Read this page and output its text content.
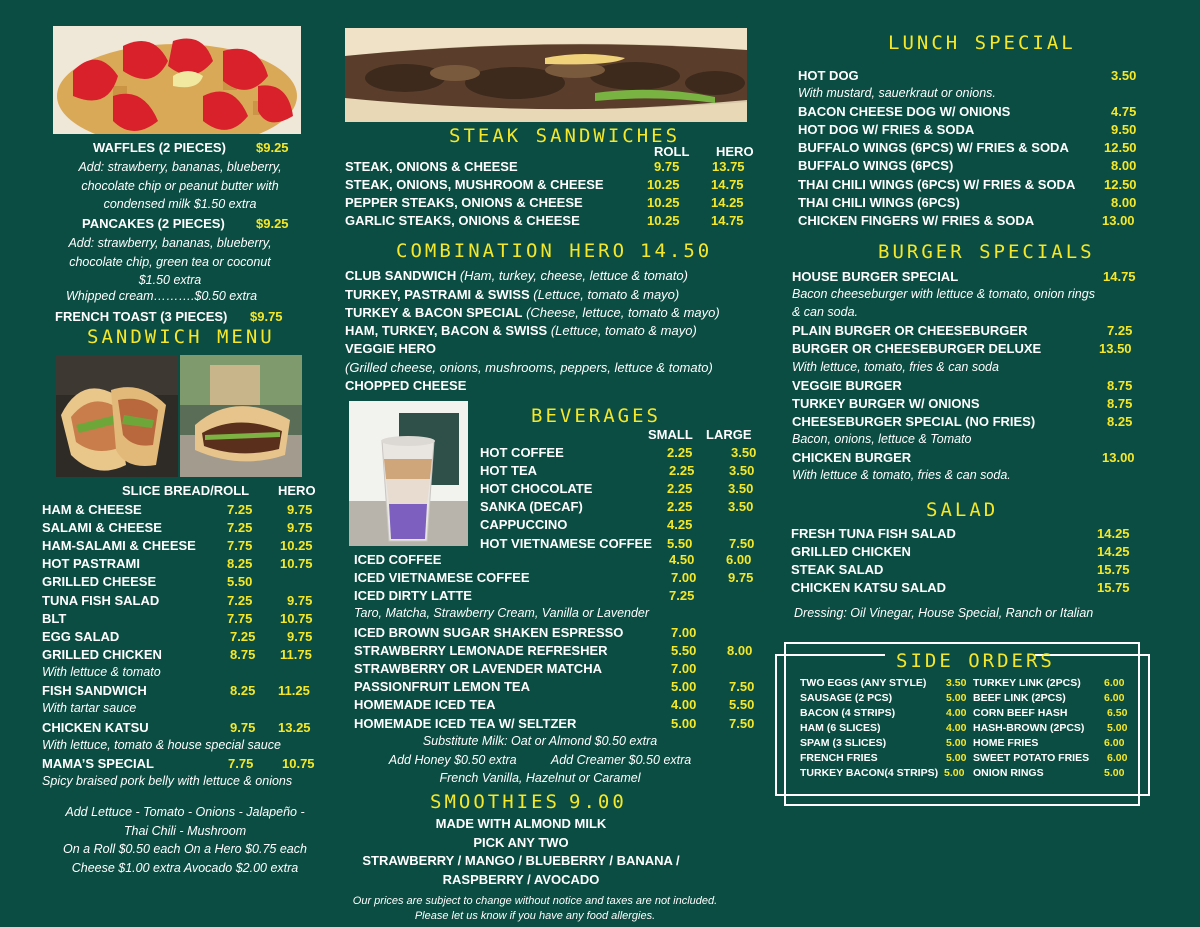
WAFFLES (2 PIECES) $9.25
Add: strawberry, bananas, blueberry,
chocolate chip or peanut butter with
condensed milk $1.50 extra
PANCAKES (2 PIECES) $9.25
Add: strawberry, bananas, blueberry,
chocolate chip, green tea or coconut
$1.50 extra
Whipped cream……….$0.50 extra
FRENCH TOAST (3 PIECES) $9.75
SANDWICH MENU
SLICE BREAD/ROLL HERO
HAM & CHEESE	7.25	9.75
SALAMI & CHEESE	7.25	9.75
HAM-SALAMI & CHEESE 7.75 10.25
HOT PASTRAMI	8.25 10.75
GRILLED CHEESE	5.50
TUNA FISH SALAD	7.25	9.75
BLT	7.75 10.75
EGG SALAD	7.25 9.75
GRILLED CHICKEN	8.75 11.75
With lettuce & tomato
FISH SANDWICH	8.25 11.25
With tartar sauce
CHICKEN KATSU	9.75 13.25
With lettuce, tomato & house special sauce
MAMA’S SPECIAL	7.75 10.75
Spicy braised pork belly with lettuce & onions
Add Lettuce - Tomato - Onions - Jalapeño -
Thai Chili - Mushroom
On a Roll $0.50 each On a Hero $0.75 each
Cheese $1.00 extra Avocado $2.00 extra
STEAK SANDWICHES
ROLL HERO
STEAK, ONIONS & CHEESE	9.75	13.75
STEAK, ONIONS, MUSHROOM & CHEESE	10.25 14.75
PEPPER STEAKS, ONIONS & CHEESE	10.25 14.25
GARLIC STEAKS, ONIONS & CHEESE	10.25 14.75
COMBINATION HERO 14.50
CLUB SANDWICH (Ham, turkey, cheese, lettuce & tomato)
TURKEY, PASTRAMI & SWISS (Lettuce, tomato & mayo)
TURKEY & BACON SPECIAL (Cheese, lettuce, tomato & mayo)
HAM, TURKEY, BACON & SWISS (Lettuce, tomato & mayo)
VEGGIE HERO
(Grilled cheese, onions, mushrooms, peppers, lettuce & tomato)
CHOPPED CHEESE
BEVERAGES
SMALL LARGE
HOT COFFEE	2.25	3.50
HOT TEA	2.25	3.50
HOT CHOCOLATE	2.25	3.50
SANKA (DECAF)	2.25	3.50
CAPPUCCINO	4.25
HOT VIETNAMESE COFFEE 5.50	7.50
ICED COFFEE	4.50 6.00
ICED VIETNAMESE COFFEE	7.00 9.75
ICED DIRTY LATTE	7.25
Taro, Matcha, Strawberry Cream, Vanilla or Lavender
ICED BROWN SUGAR SHAKEN ESPRESSO	7.00
STRAWBERRY LEMONADE REFRESHER	5.50 8.00
STRAWBERRY OR LAVENDER MATCHA	7.00
PASSIONFRUIT LEMON TEA	5.00	7.50
HOMEMADE ICED TEA	4.00	5.50
HOMEMADE ICED TEA W/ SELTZER	5.00	7.50
Substitute Milk: Oat or Almond $0.50 extra
Add Honey $0.50 extra          Add Creamer $0.50 extra
French Vanilla, Hazelnut or Caramel
SMOOTHIES 9.00
MADE WITH ALMOND MILK
PICK ANY TWO
STRAWBERRY / MANGO / BLUEBERRY / BANANA /
RASPBERRY / AVOCADO
Our prices are subject to change without notice and taxes are not included.
Please let us know if you have any food allergies.
LUNCH SPECIAL
HOT DOG	3.50
With mustard, sauerkraut or onions.
BACON CHEESE DOG W/ ONIONS	4.75
HOT DOG W/ FRIES & SODA	9.50
BUFFALO WINGS (6PCS) W/ FRIES & SODA	12.50
BUFFALO WINGS (6PCS)	8.00
THAI CHILI WINGS (6PCS) W/ FRIES & SODA 12.50
THAI CHILI WINGS (6PCS)	8.00
CHICKEN FINGERS W/ FRIES & SODA	13.00
BURGER SPECIALS
HOUSE BURGER SPECIAL	14.75
Bacon cheeseburger with lettuce & tomato, onion rings
& can soda.
PLAIN BURGER OR CHEESEBURGER	7.25
BURGER OR CHEESEBURGER DELUXE	13.50
With lettuce, tomato, fries & can soda
VEGGIE BURGER	8.75
TURKEY BURGER W/ ONIONS	8.75
CHEESEBURGER SPECIAL (NO FRIES)	8.25
Bacon, onions, lettuce & Tomato
CHICKEN BURGER	13.00
With lettuce & tomato, fries & can soda.
SALAD
FRESH TUNA FISH SALAD	14.25
GRILLED CHICKEN	14.25
STEAK SALAD	15.75
CHICKEN KATSU SALAD	15.75
Dressing: Oil Vinegar, House Special, Ranch or Italian
SIDE ORDERS
TWO EGGS (ANY STYLE) 3.50
SAUSAGE (2 PCS)	5.00
BACON (4 STRIPS)	4.00
HAM (6 SLICES)	4.00
SPAM (3 SLICES)	5.00
FRENCH FRIES	5.00
TURKEY BACON(4 STRIPS) 5.00
TURKEY LINK (2PCS) 6.00
BEEF LINK (2PCS)	6.00
CORN BEEF HASH	6.50
HASH-BROWN (2PCS) 5.00
HOME FRIES	6.00
SWEET POTATO FRIES 6.00
ONION RINGS	5.00
